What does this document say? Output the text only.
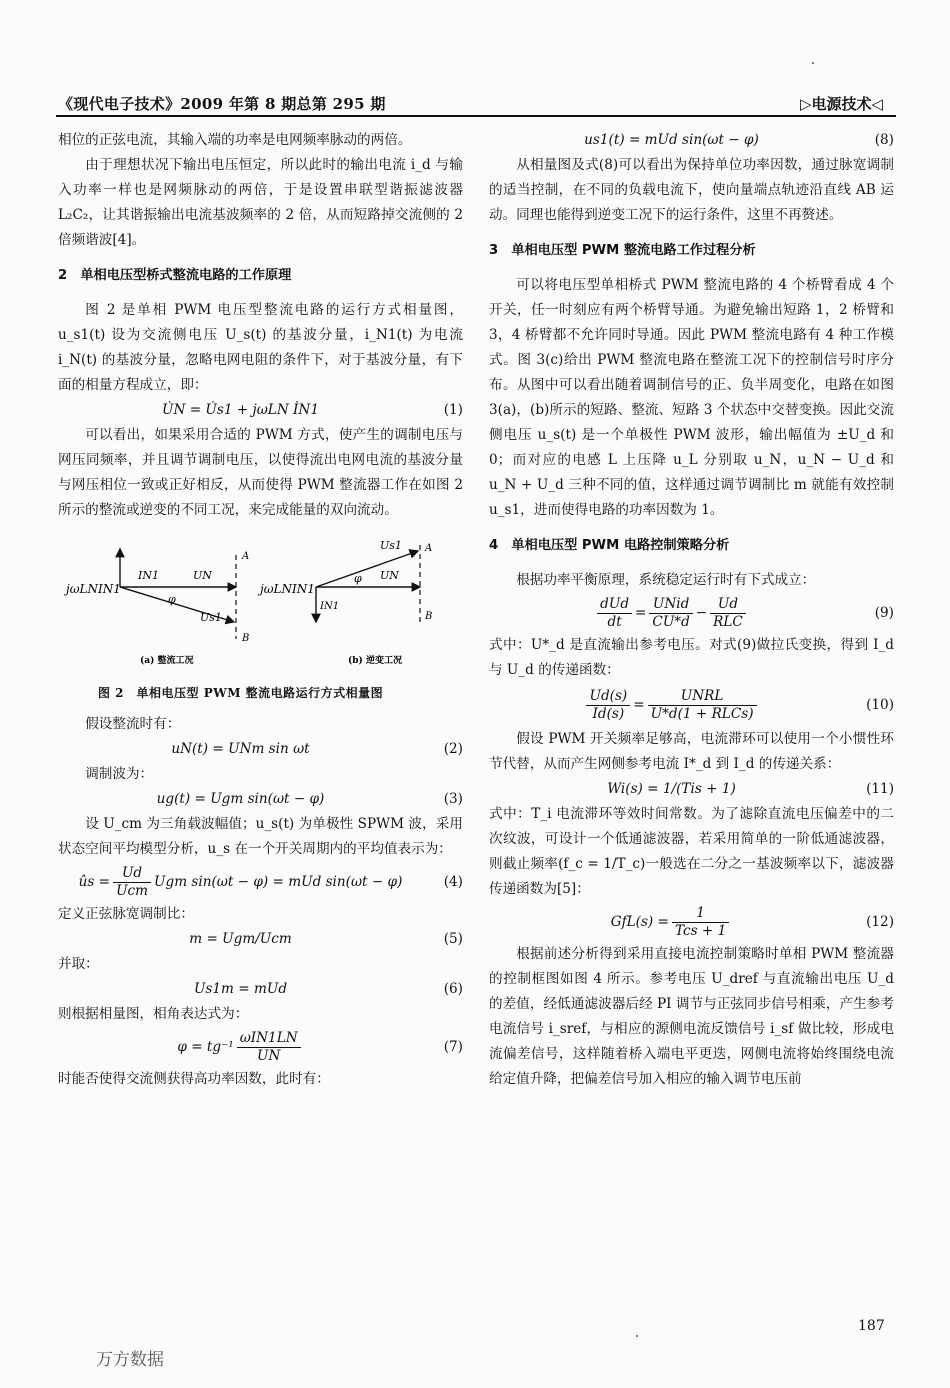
《现代电子技术》2009 年第 8 期总第 295 期	▷电源技术◁

相位的正弦电流，其输入端的功率是电网频率脉动的两倍。

由于理想状况下输出电压恒定，所以此时的输出电流 i_d 与输入功率一样也是网频脉动的两倍，于是设置串联型谐振滤波器 L₂C₂，让其谐振输出电流基波频率的 2 倍，从而短路掉交流侧的 2 倍频谐波[4]。

2　单相电压型桥式整流电路的工作原理

图 2 是单相 PWM 电压型整流电路的运行方式相量图，u_s1(t) 设为交流侧电压 U_s(t) 的基波分量，i_N1(t) 为电流 i_N(t) 的基波分量，忽略电网电阻的条件下，对于基波分量，有下面的相量方程成立，即：

U̇N = U̇s1 + jωLN İN1	(1)

可以看出，如果采用合适的 PWM 方式，使产生的调制电压与网压同频率，并且调节调制电压，以使得流出电网电流的基波分量与网压相位一致或正好相反，从而使得 PWM 整流器工作在如图 2 所示的整流或逆变的不同工况，来完成能量的双向流动。

jωLNIN1
IN1	UN
φ
Us1
A
B
(a) 整流工况
jωLNIN1
IN1
UN
φ
Us1 A
B
(b) 逆变工况
图 2　单相电压型 PWM 整流电路运行方式相量图

假设整流时有：

uN(t) = UNm sin ωt	(2)

调制波为：

ug(t) = Ugm sin(ωt − φ)	(3)

设 U_cm 为三角载波幅值；u_s(t) 为单极性 SPWM 波，采用状态空间平均模型分析，u_s 在一个开关周期内的平均值表示为：

ûs = $\frac{Ud}{\text{Ucm}}$ Ugm sin(ωt − φ) = mUd sin(ωt − φ)	(4)

定义正弦脉宽调制比：

m = Ugm/Ucm	(5)

并取：

Us1m = mUd	(6)

则根据相量图，相角表达式为：

$\varphi = tg^{-1} \frac{\text{ωIN1LN}}{UN}$	(7)

时能否使得交流侧获得高功率因数，此时有：

us1(t) = mUd sin(ωt − φ)	(8)

从相量图及式(8)可以看出为保持单位功率因数，通过脉宽调制的适当控制，在不同的负载电流下，使向量端点轨迹沿直线 AB 运动。同理也能得到逆变工况下的运行条件，这里不再赘述。

3　单相电压型 PWM 整流电路工作过程分析

可以将电压型单相桥式 PWM 整流电路的 4 个桥臂看成 4 个开关，任一时刻应有两个桥臂导通。为避免输出短路 1，2 桥臂和 3，4 桥臂都不允许同时导通。因此 PWM 整流电路有 4 种工作模式。图 3(c)给出 PWM 整流电路在整流工况下的控制信号时序分布。从图中可以看出随着调制信号的正、负半周变化，电路在如图 3(a)，(b)所示的短路、整流、短路 3 个状态中交替变换。因此交流侧电压 u_s(t) 是一个单极性 PWM 波形，输出幅值为 ±U_d 和 0；而对应的电感 L 上压降 u_L 分别取 u_N，u_N − U_d 和 u_N + U_d 三种不同的值，这样通过调节调制比 m 就能有效控制 u_s1，进而使得电路的功率因数为 1。

4　单相电压型 PWM 电路控制策略分析

根据功率平衡原理，系统稳定运行时有下式成立：

$\frac{\text{dUd}}{dt} = \frac{\text{UNid}}{CU*d} - \frac{Ud}{\text{RLC}}$	(9)

式中：U*_d 是直流输出参考电压。对式(9)做拉氏变换，得到 I_d 与 U_d 的传递函数：

$\frac{Ud(s)}{Id(s)} = \frac{\text{UNRL}}{\text{U*d(1 + RLCs)}}$	(10)

假设 PWM 开关频率足够高，电流滞环可以使用一个小惯性环节代替，从而产生网侧参考电流 I*_d 到 I_d 的传递关系：

Wi(s) = 1/(Tis + 1)	(11)

式中：T_i 电流滞环等效时间常数。为了滤除直流电压偏差中的二次纹波，可设计一个低通滤波器，若采用简单的一阶低通滤波器，则截止频率(f_c = 1/T_c)一般选在二分之一基波频率以下，滤波器传递函数为[5]：

$GfL(s) = \frac{1}{\text{Tcs + 1}}$	(12)

根据前述分析得到采用直接电流控制策略时单相 PWM 整流器的控制框图如图 4 所示。参考电压 U_dref 与直流输出电压 U_d 的差值，经低通滤波器后经 PI 调节与正弦同步信号相乘，产生参考电流信号 i_sref，与相应的源侧电流反馈信号 i_sf 做比较，形成电流偏差信号，这样随着桥入端电平更迭，网侧电流将始终围绕电流给定值升降，把偏差信号加入相应的输入调节电压前

187
万方数据
